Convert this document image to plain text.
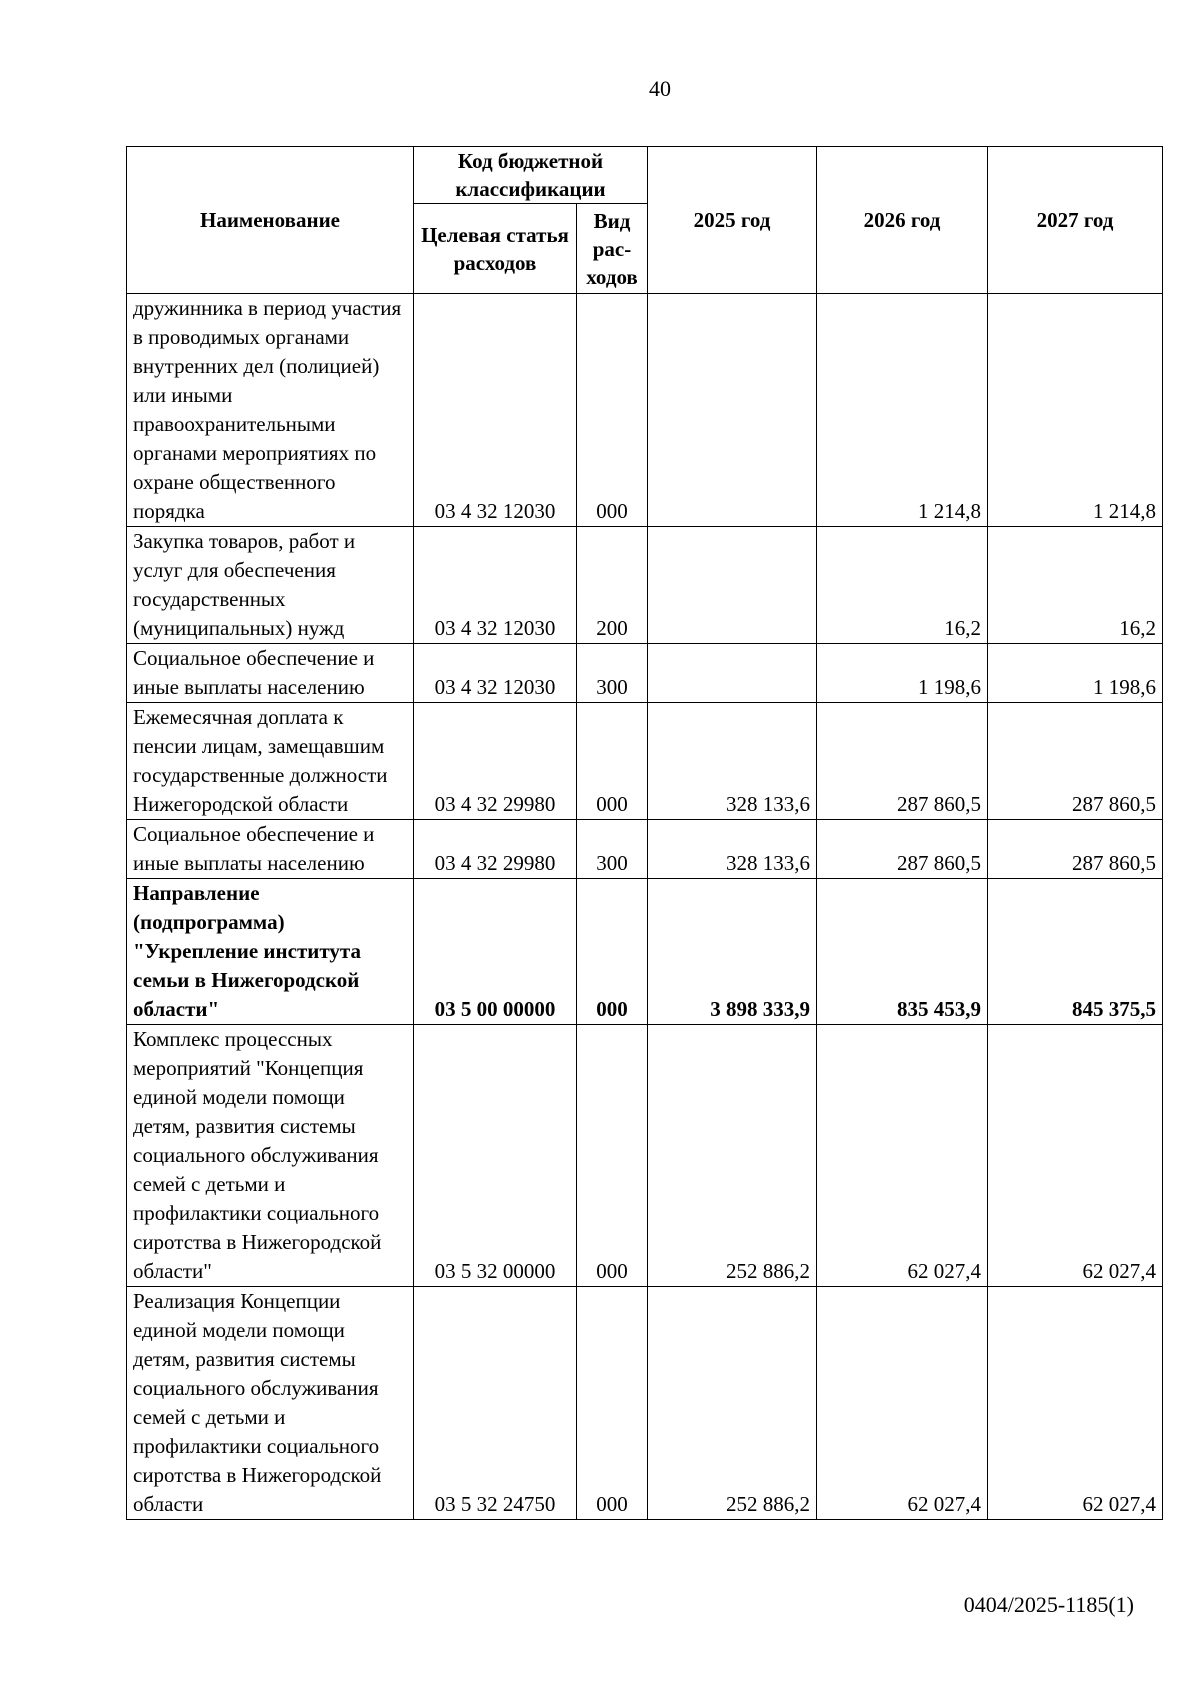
40
Наименование	Код бюджетной классификации		2025 год	2026 год	2027 год
	Целевая статья расходов	Вид рас-ходов			
дружинника в период участия в проводимых органами внутренних дел (полицией) или иными правоохранительными органами мероприятиях по охране общественного порядка	03 4 32 12030	000		1 214,8	1 214,8
Закупка товаров, работ и услуг для обеспечения государственных (муниципальных) нужд	03 4 32 12030	200		16,2	16,2
Социальное обеспечение и иные выплаты населению	03 4 32 12030	300		1 198,6	1 198,6
Ежемесячная доплата к пенсии лицам, замещавшим государственные должности Нижегородской области	03 4 32 29980	000	328 133,6	287 860,5	287 860,5
Социальное обеспечение и иные выплаты населению	03 4 32 29980	300	328 133,6	287 860,5	287 860,5
Направление (подпрограмма) "Укрепление института семьи в Нижегородской области"	03 5 00 00000	000	3 898 333,9	835 453,9	845 375,5
Комплекс процессных мероприятий "Концепция единой модели помощи детям, развития системы социального обслуживания семей с детьми и профилактики социального сиротства в Нижегородской области"	03 5 32 00000	000	252 886,2	62 027,4	62 027,4
Реализация Концепции единой модели помощи детям, развития системы социального обслуживания семей с детьми и профилактики социального сиротства в Нижегородской области	03 5 32 24750	000	252 886,2	62 027,4	62 027,4
0404/2025-1185(1)
